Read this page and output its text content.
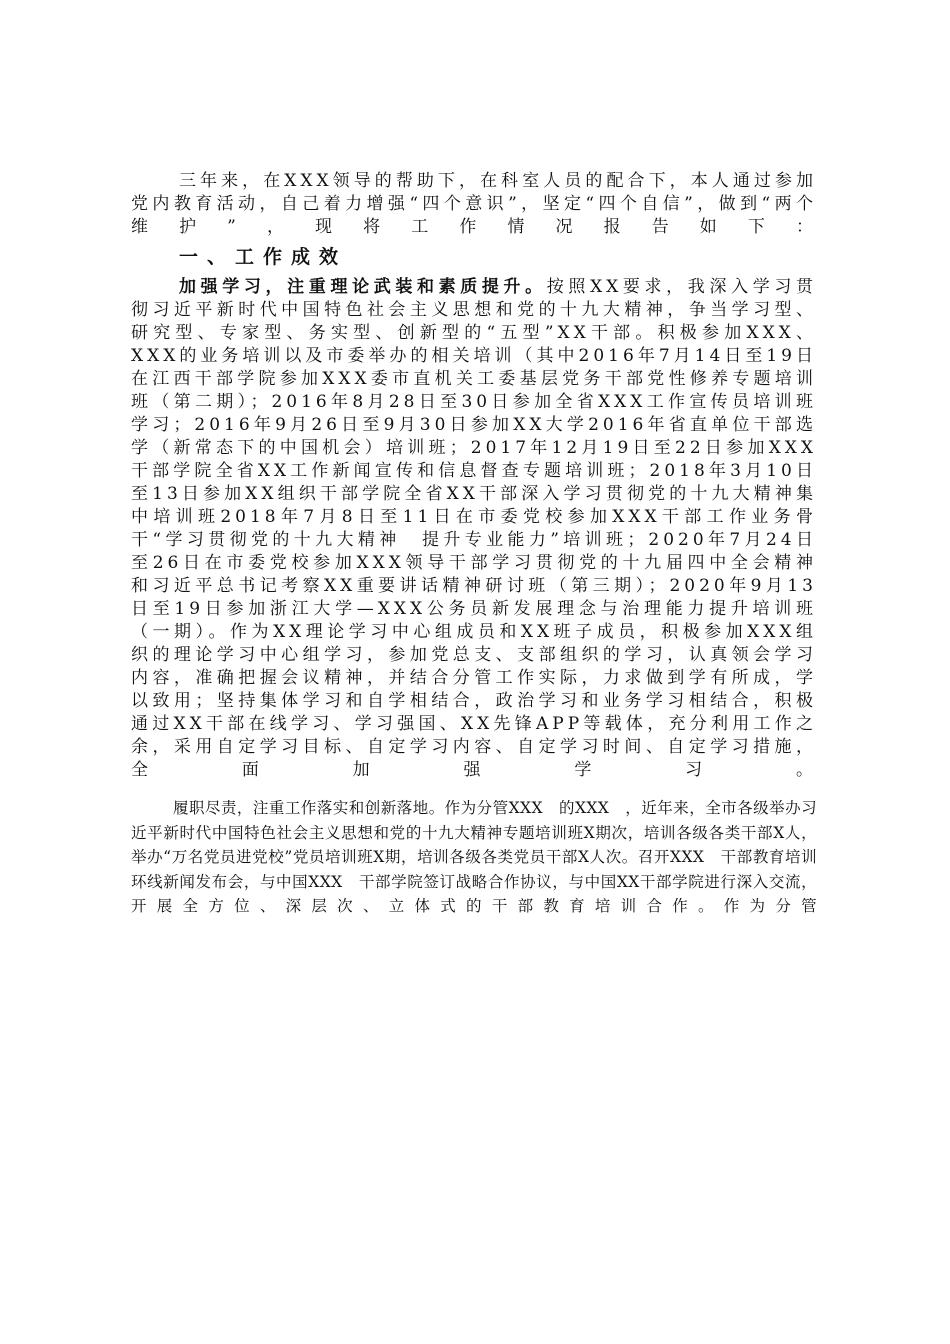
三年来，在XXX领导的帮助下，在科室人员的配合下，本人通过参加党内教育活动，自己着力增强“四个意识”，坚定“四个自信”，做到“两个维护”，现将工作情况报告如下：

一、工作成效

加强学习，注重理论武装和素质提升。按照XX要求，我深入学习贯彻习近平新时代中国特色社会主义思想和党的十九大精神，争当学习型、研究型、专家型、务实型、创新型的“五型”XX干部。积极参加XXX、XXX的业务培训以及市委举办的相关培训（其中2016年7月14日至19日在江西干部学院参加XXX委市直机关工委基层党务干部党性修养专题培训班（第二期）；2016年8月28日至30日参加全省XXX工作宣传员培训班学习；2016年9月26日至9月30日参加XX大学2016年省直单位干部选学（新常态下的中国机会）培训班；2017年12月19日至22日参加XXX干部学院全省XX工作新闻宣传和信息督查专题培训班；2018年3月10日至13日参加XX组织干部学院全省XX干部深入学习贯彻党的十九大精神集中培训班2018年7月8日至11日在市委党校参加XXX干部工作业务骨干“学习贯彻党的十九大精神　提升专业能力”培训班；2020年7月24日至26日在市委党校参加XXX领导干部学习贯彻党的十九届四中全会精神和习近平总书记考察XX重要讲话精神研讨班（第三期）；2020年9月13日至19日参加浙江大学—XXX公务员新发展理念与治理能力提升培训班（一期）。作为XX理论学习中心组成员和XX班子成员，积极参加XXX组织的理论学习中心组学习，参加党总支、支部组织的学习，认真领会学习内容，准确把握会议精神，并结合分管工作实际，力求做到学有所成，学以致用；坚持集体学习和自学相结合，政治学习和业务学习相结合，积极通过XX干部在线学习、学习强国、XX先锋APP等载体，充分利用工作之余，采用自定学习目标、自定学习内容、自定学习时间、自定学习措施，全面加强学习。

履职尽责，注重工作落实和创新落地。作为分管XXX　的XXX　，近年来，全市各级举办习近平新时代中国特色社会主义思想和党的十九大精神专题培训班X期次，培训各级各类干部X人，举办“万名党员进党校”党员培训班X期，培训各级各类党员干部X人次。召开XXX　干部教育培训环线新闻发布会，与中国XXX　干部学院签订战略合作协议，与中国XX干部学院进行深入交流，开展全方位、深层次、立体式的干部教育培训合作。作为分管
